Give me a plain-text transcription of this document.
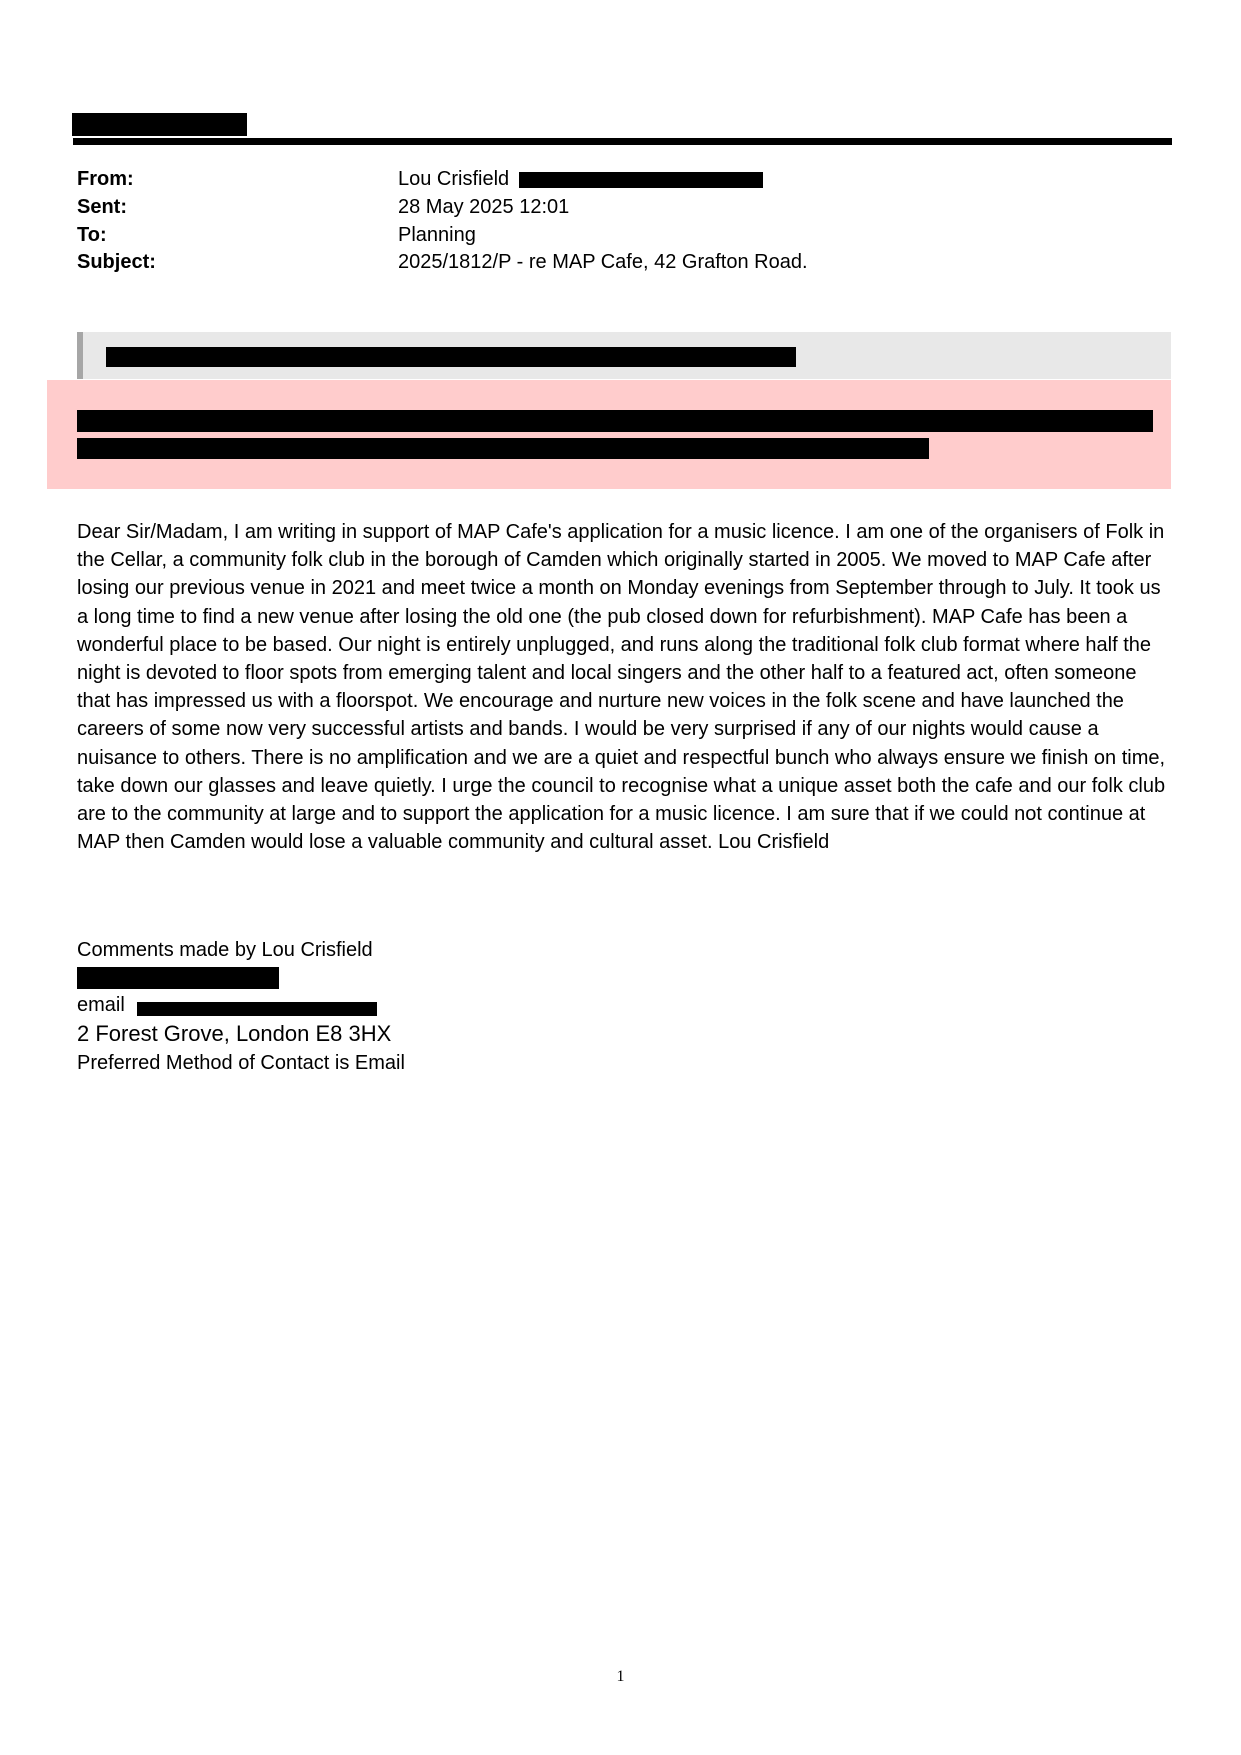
From:	Lou Crisfield
Sent:	28 May 2025 12:01
To:	Planning
Subject:	2025/1812/P - re MAP Cafe, 42 Grafton Road.

Dear Sir/Madam, I am writing in support of MAP Cafe's application for a music licence. I am one of the organisers of Folk in the Cellar, a community folk club in the borough of Camden which originally started in 2005. We moved to MAP Cafe after losing our previous venue in 2021 and meet twice a month on Monday evenings from September through to July. It took us a long time to find a new venue after losing the old one (the pub closed down for refurbishment). MAP Cafe has been a wonderful place to be based. Our night is entirely unplugged, and runs along the traditional folk club format where half the night is devoted to floor spots from emerging talent and local singers and the other half to a featured act, often someone that has impressed us with a floorspot. We encourage and nurture new voices in the folk scene and have launched the careers of some now very successful artists and bands. I would be very surprised if any of our nights would cause a nuisance to others. There is no amplification and we are a quiet and respectful bunch who always ensure we finish on time, take down our glasses and leave quietly. I urge the council to recognise what a unique asset both the cafe and our folk club are to the community at large and to support the application for a music licence. I am sure that if we could not continue at MAP then Camden would lose a valuable community and cultural asset. Lou Crisfield

Comments made by Lou Crisfield
email
2 Forest Grove, London E8 3HX
Preferred Method of Contact is Email
1
